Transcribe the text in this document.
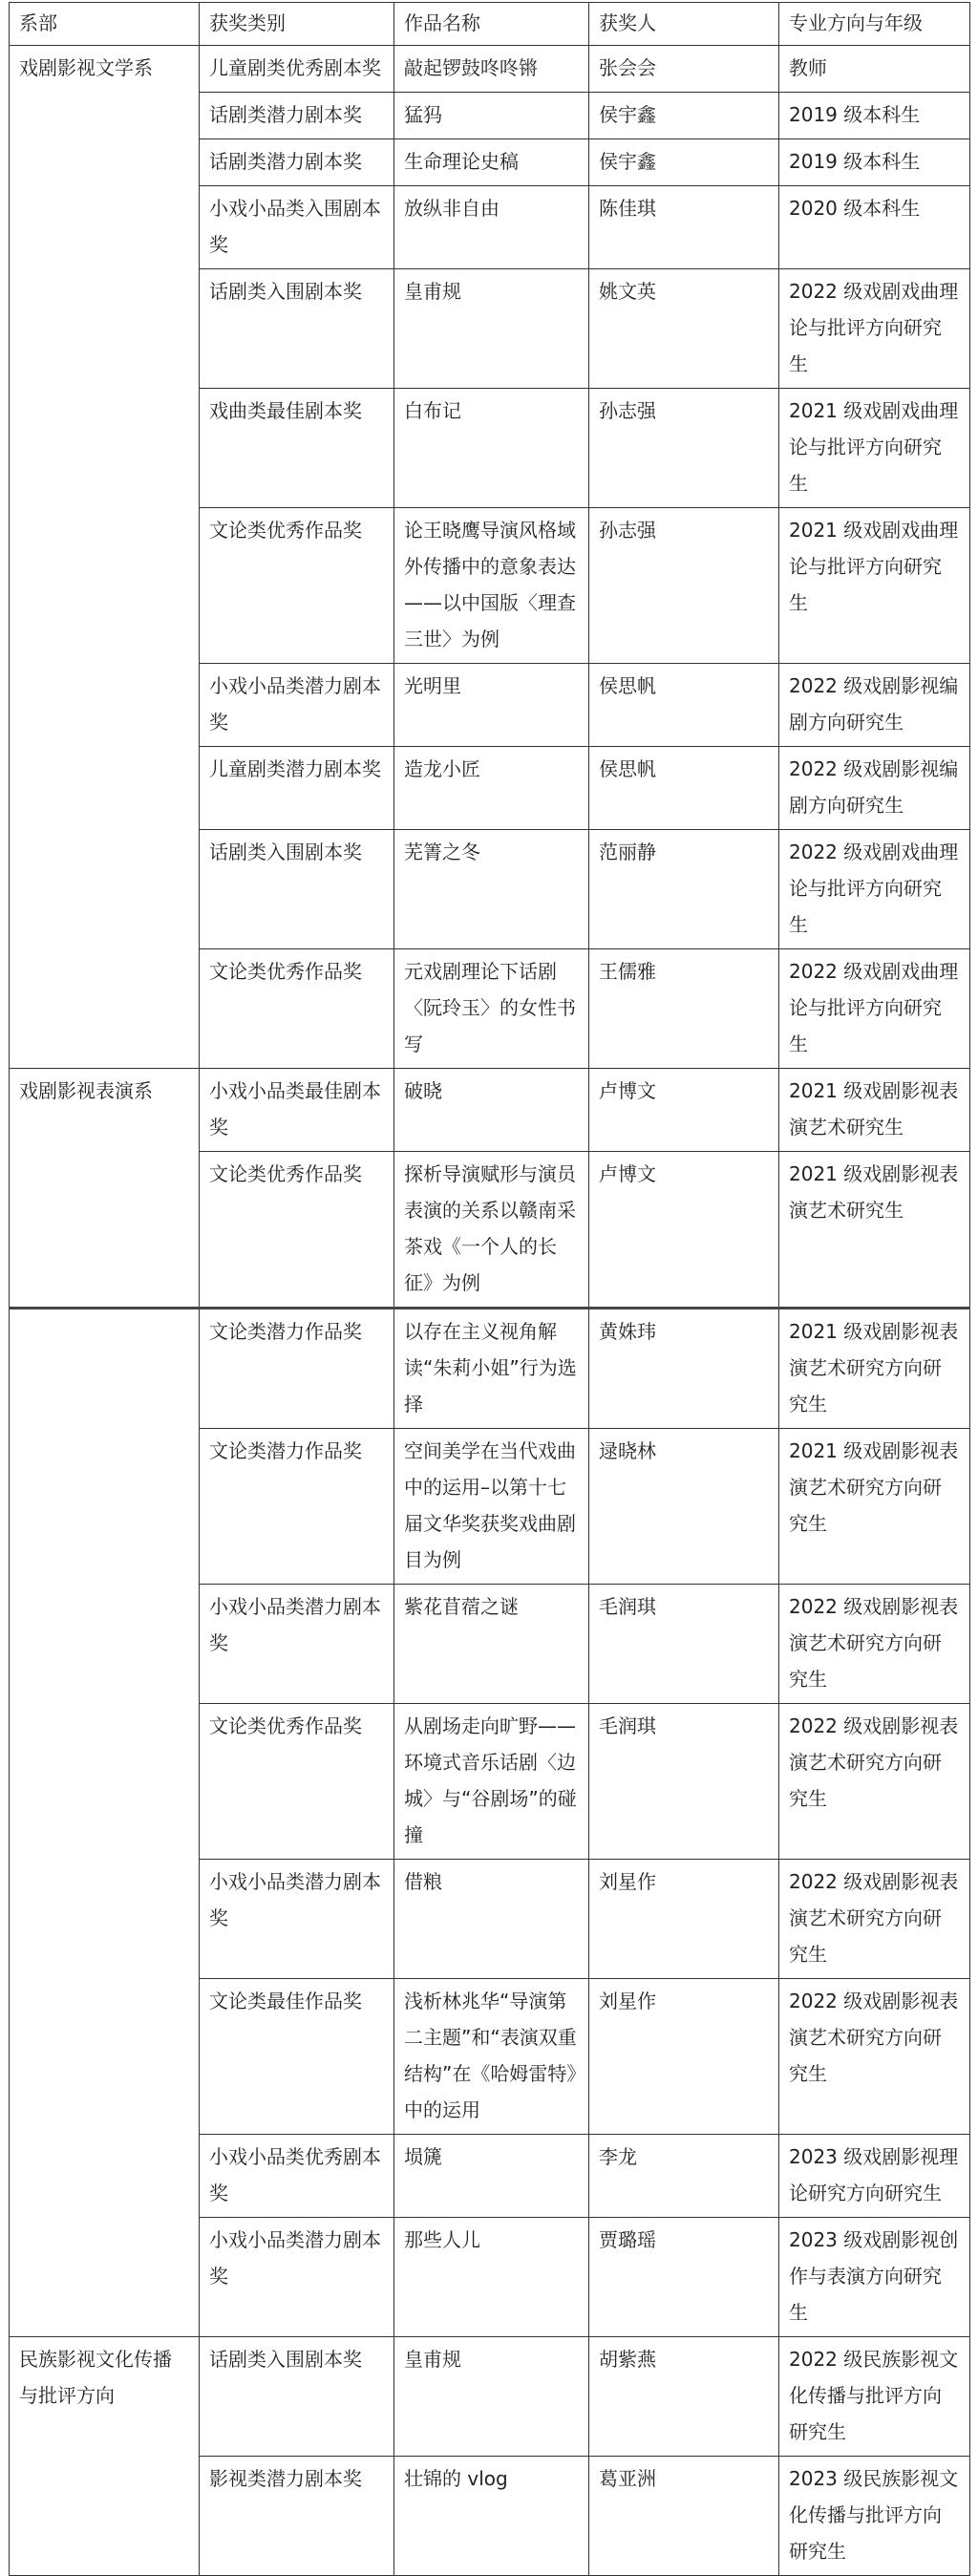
系部	获奖类别	作品名称	获奖人	专业方向与年级
戏剧影视文学系	儿童剧类优秀剧本奖	敲起锣鼓咚咚锵	张会会	教师
	话剧类潜力剧本奖	猛犸	侯宇鑫	2019 级本科生
	话剧类潜力剧本奖	生命理论史稿	侯宇鑫	2019 级本科生
	小戏小品类入围剧本奖	放纵非自由	陈佳琪	2020 级本科生
	话剧类入围剧本奖	皇甫规	姚文英	2022 级戏剧戏曲理论与批评方向研究生
	戏曲类最佳剧本奖	白布记	孙志强	2021 级戏剧戏曲理论与批评方向研究生
	文论类优秀作品奖	论王晓鹰导演风格域外传播中的意象表达——以中国版〈理查三世〉为例	孙志强	2021 级戏剧戏曲理论与批评方向研究生
	小戏小品类潜力剧本奖	光明里	侯思帆	2022 级戏剧影视编剧方向研究生
	儿童剧类潜力剧本奖	造龙小匠	侯思帆	2022 级戏剧影视编剧方向研究生
	话剧类入围剧本奖	芜箐之冬	范丽静	2022 级戏剧戏曲理论与批评方向研究生
	文论类优秀作品奖	元戏剧理论下话剧〈阮玲玉〉的女性书写	王儒雅	2022 级戏剧戏曲理论与批评方向研究生
戏剧影视表演系	小戏小品类最佳剧本奖	破晓	卢博文	2021 级戏剧影视表演艺术研究生
	文论类优秀作品奖	探析导演赋形与演员表演的关系以赣南采茶戏《一个人的长征》为例	卢博文	2021 级戏剧影视表演艺术研究生
	文论类潜力作品奖	以存在主义视角解读“朱莉小姐”行为选择	黄姝玮	2021 级戏剧影视表演艺术研究方向研究生
	文论类潜力作品奖	空间美学在当代戏曲中的运用–以第十七届文华奖获奖戏曲剧目为例	逯晓林	2021 级戏剧影视表演艺术研究方向研究生
	小戏小品类潜力剧本奖	紫花苜蓿之谜	毛润琪	2022 级戏剧影视表演艺术研究方向研究生
	文论类优秀作品奖	从剧场走向旷野——环境式音乐话剧〈边城〉与“谷剧场”的碰撞	毛润琪	2022 级戏剧影视表演艺术研究方向研究生
	小戏小品类潜力剧本奖	借粮	刘星作	2022 级戏剧影视表演艺术研究方向研究生
	文论类最佳作品奖	浅析林兆华“导演第二主题”和“表演双重结构”在《哈姆雷特》中的运用	刘星作	2022 级戏剧影视表演艺术研究方向研究生
	小戏小品类优秀剧本奖	埙篪	李龙	2023 级戏剧影视理论研究方向研究生
	小戏小品类潜力剧本奖	那些人儿	贾璐瑶	2023 级戏剧影视创作与表演方向研究生
民族影视文化传播与批评方向	话剧类入围剧本奖	皇甫规	胡紫燕	2022 级民族影视文化传播与批评方向研究生
	影视类潜力剧本奖	壮锦的 vlog	葛亚洲	2023 级民族影视文化传播与批评方向研究生
